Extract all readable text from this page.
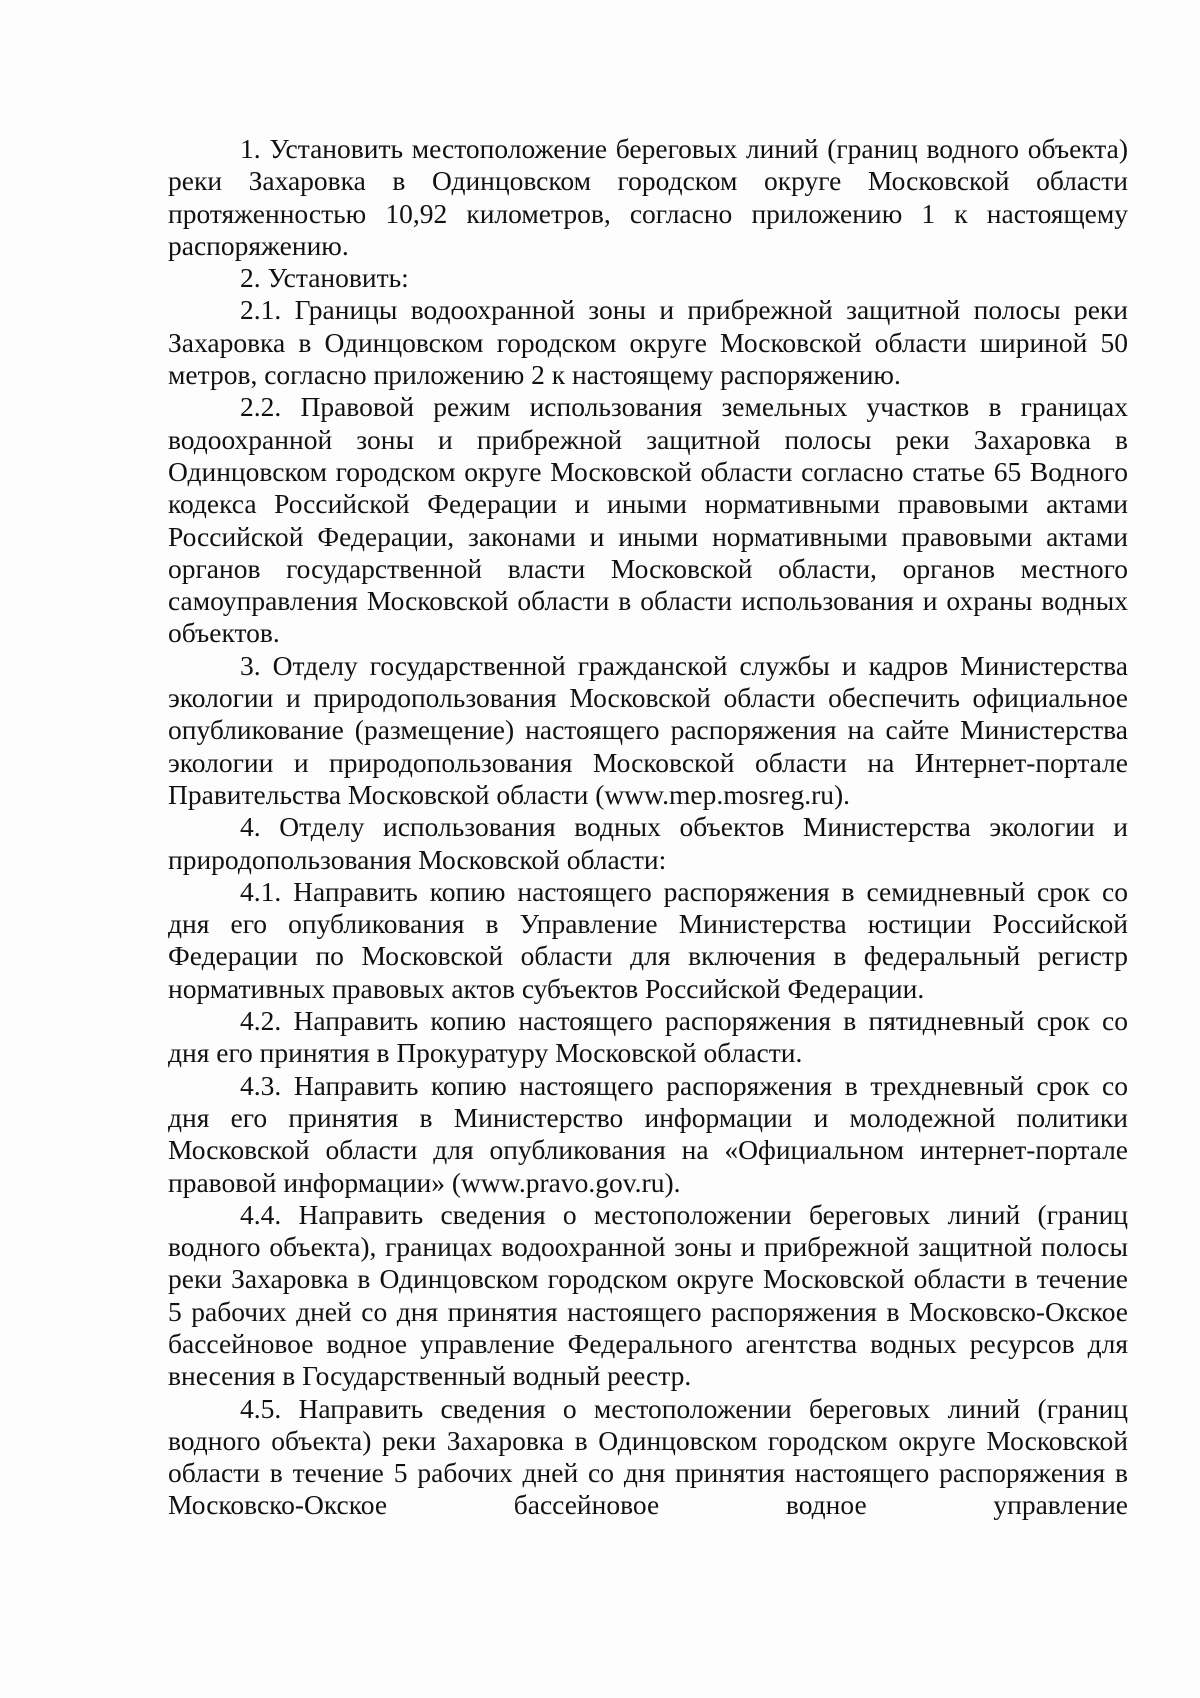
1. Установить местоположение береговых линий (границ водного объекта) реки Захаровка в Одинцовском городском округе Московской области протяженностью 10,92 километров, согласно приложению 1 к настоящему распоряжению.

2. Установить:

2.1. Границы водоохранной зоны и прибрежной защитной полосы реки Захаровка в Одинцовском городском округе Московской области шириной 50 метров, согласно приложению 2 к настоящему распоряжению.

2.2. Правовой режим использования земельных участков в границах водоохранной зоны и прибрежной защитной полосы реки Захаровка в Одинцовском городском округе Московской области согласно статье 65 Водного кодекса Российской Федерации и иными нормативными правовыми актами Российской Федерации, законами и иными нормативными правовыми актами органов государственной власти Московской области, органов местного самоуправления Московской области в области использования и охраны водных объектов.

3. Отделу государственной гражданской службы и кадров Министерства экологии и природопользования Московской области обеспечить официальное опубликование (размещение) настоящего распоряжения на сайте Министерства экологии и природопользования Московской области на Интернет-портале Правительства Московской области (www.mep.mosreg.ru).

4. Отделу использования водных объектов Министерства экологии и природопользования Московской области:

4.1. Направить копию настоящего распоряжения в семидневный срок со дня его опубликования в Управление Министерства юстиции Российской Федерации по Московской области для включения в федеральный регистр нормативных правовых актов субъектов Российской Федерации.

4.2. Направить копию настоящего распоряжения в пятидневный срок со дня его принятия в Прокуратуру Московской области.

4.3. Направить копию настоящего распоряжения в трехдневный срок со дня его принятия в Министерство информации и молодежной политики Московской области для опубликования на «Официальном интернет-портале правовой информации» (www.pravo.gov.ru).

4.4. Направить сведения о местоположении береговых линий (границ водного объекта), границах водоохранной зоны и прибрежной защитной полосы реки Захаровка в Одинцовском городском округе Московской области в течение 5 рабочих дней со дня принятия настоящего распоряжения в Московско-Окское бассейновое водное управление Федерального агентства водных ресурсов для внесения в Государственный водный реестр.

4.5. Направить сведения о местоположении береговых линий (границ водного объекта) реки Захаровка в Одинцовском городском округе Московской области в течение 5 рабочих дней со дня принятия настоящего распоряжения в Московско-Окское бассейновое водное управление
